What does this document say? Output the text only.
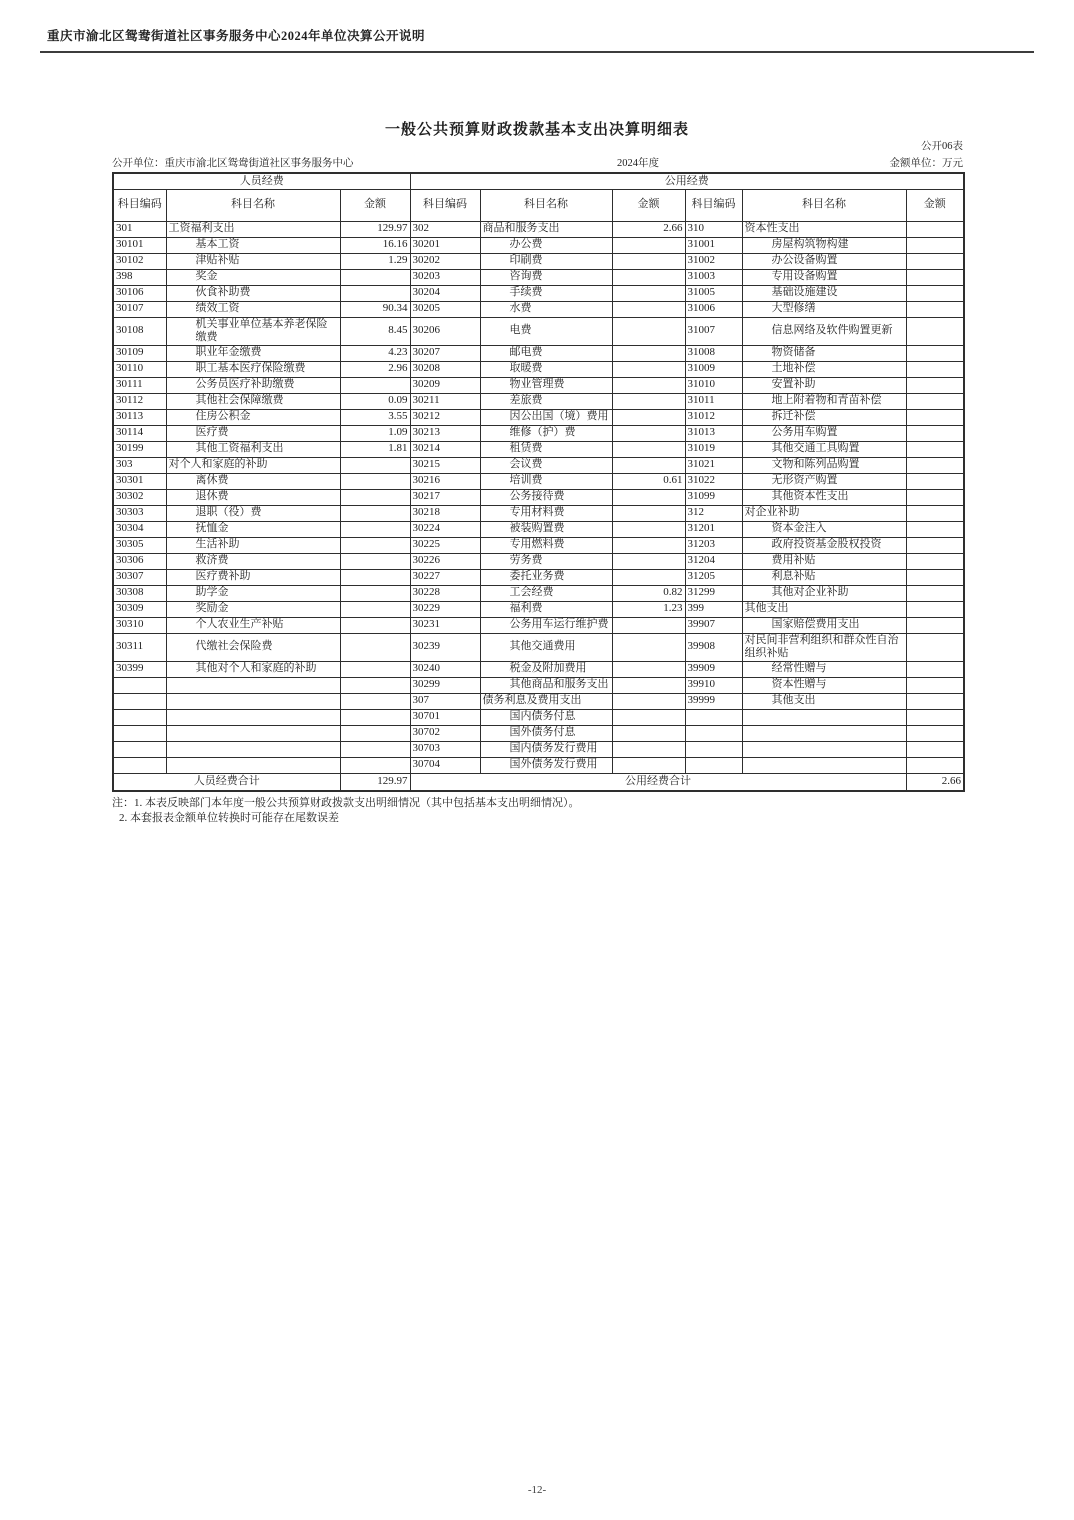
重庆市渝北区鸳鸯街道社区事务服务中心2024年单位决算公开说明
一般公共预算财政拨款基本支出决算明细表
公开06表
公开单位：重庆市渝北区鸳鸯街道社区事务服务中心	2024年度	金额单位：万元
人员经费			公用经费					
科目编码	科目名称	金额	科目编码	科目名称	金额	科目编码	科目名称	金额
301	工资福利支出	129.97	302	商品和服务支出	2.66	310	资本性支出	
30101	基本工资	16.16	30201	办公费		31001	房屋构筑物构建	
30102	津贴补贴	1.29	30202	印刷费		31002	办公设备购置	
398	奖金		30203	咨询费		31003	专用设备购置	
30106	伙食补助费		30204	手续费		31005	基础设施建设	
30107	绩效工资	90.34	30205	水费		31006	大型修缮	
30108	机关事业单位基本养老保险缴费	8.45	30206	电费		31007	信息网络及软件购置更新	
30109	职业年金缴费	4.23	30207	邮电费		31008	物资储备	
30110	职工基本医疗保险缴费	2.96	30208	取暖费		31009	土地补偿	
30111	公务员医疗补助缴费		30209	物业管理费		31010	安置补助	
30112	其他社会保障缴费	0.09	30211	差旅费		31011	地上附着物和青苗补偿	
30113	住房公积金	3.55	30212	因公出国（境）费用		31012	拆迁补偿	
30114	医疗费	1.09	30213	维修（护）费		31013	公务用车购置	
30199	其他工资福利支出	1.81	30214	租赁费		31019	其他交通工具购置	
303	对个人和家庭的补助		30215	会议费		31021	文物和陈列品购置	
30301	离休费		30216	培训费	0.61	31022	无形资产购置	
30302	退休费		30217	公务接待费		31099	其他资本性支出	
30303	退职（役）费		30218	专用材料费		312	对企业补助	
30304	抚恤金		30224	被装购置费		31201	资本金注入	
30305	生活补助		30225	专用燃料费		31203	政府投资基金股权投资	
30306	救济费		30226	劳务费		31204	费用补贴	
30307	医疗费补助		30227	委托业务费		31205	利息补贴	
30308	助学金		30228	工会经费	0.82	31299	其他对企业补助	
30309	奖励金		30229	福利费	1.23	399	其他支出	
30310	个人农业生产补贴		30231	公务用车运行维护费		39907	国家赔偿费用支出	
30311	代缴社会保险费		30239	其他交通费用		39908	对民间非营利组织和群众性自治组织补贴	
30399	其他对个人和家庭的补助		30240	税金及附加费用		39909	经常性赠与	
			30299	其他商品和服务支出		39910	资本性赠与	
			307	债务利息及费用支出		39999	其他支出	
			30701	国内债务付息				
			30702	国外债务付息				
			30703	国内债务发行费用				
			30704	国外债务发行费用				
人员经费合计		129.97	公用经费合计					2.66
注：1. 本表反映部门本年度一般公共预算财政拨款支出明细情况（其中包括基本支出明细情况）。
2. 本套报表金额单位转换时可能存在尾数误差
-12-
